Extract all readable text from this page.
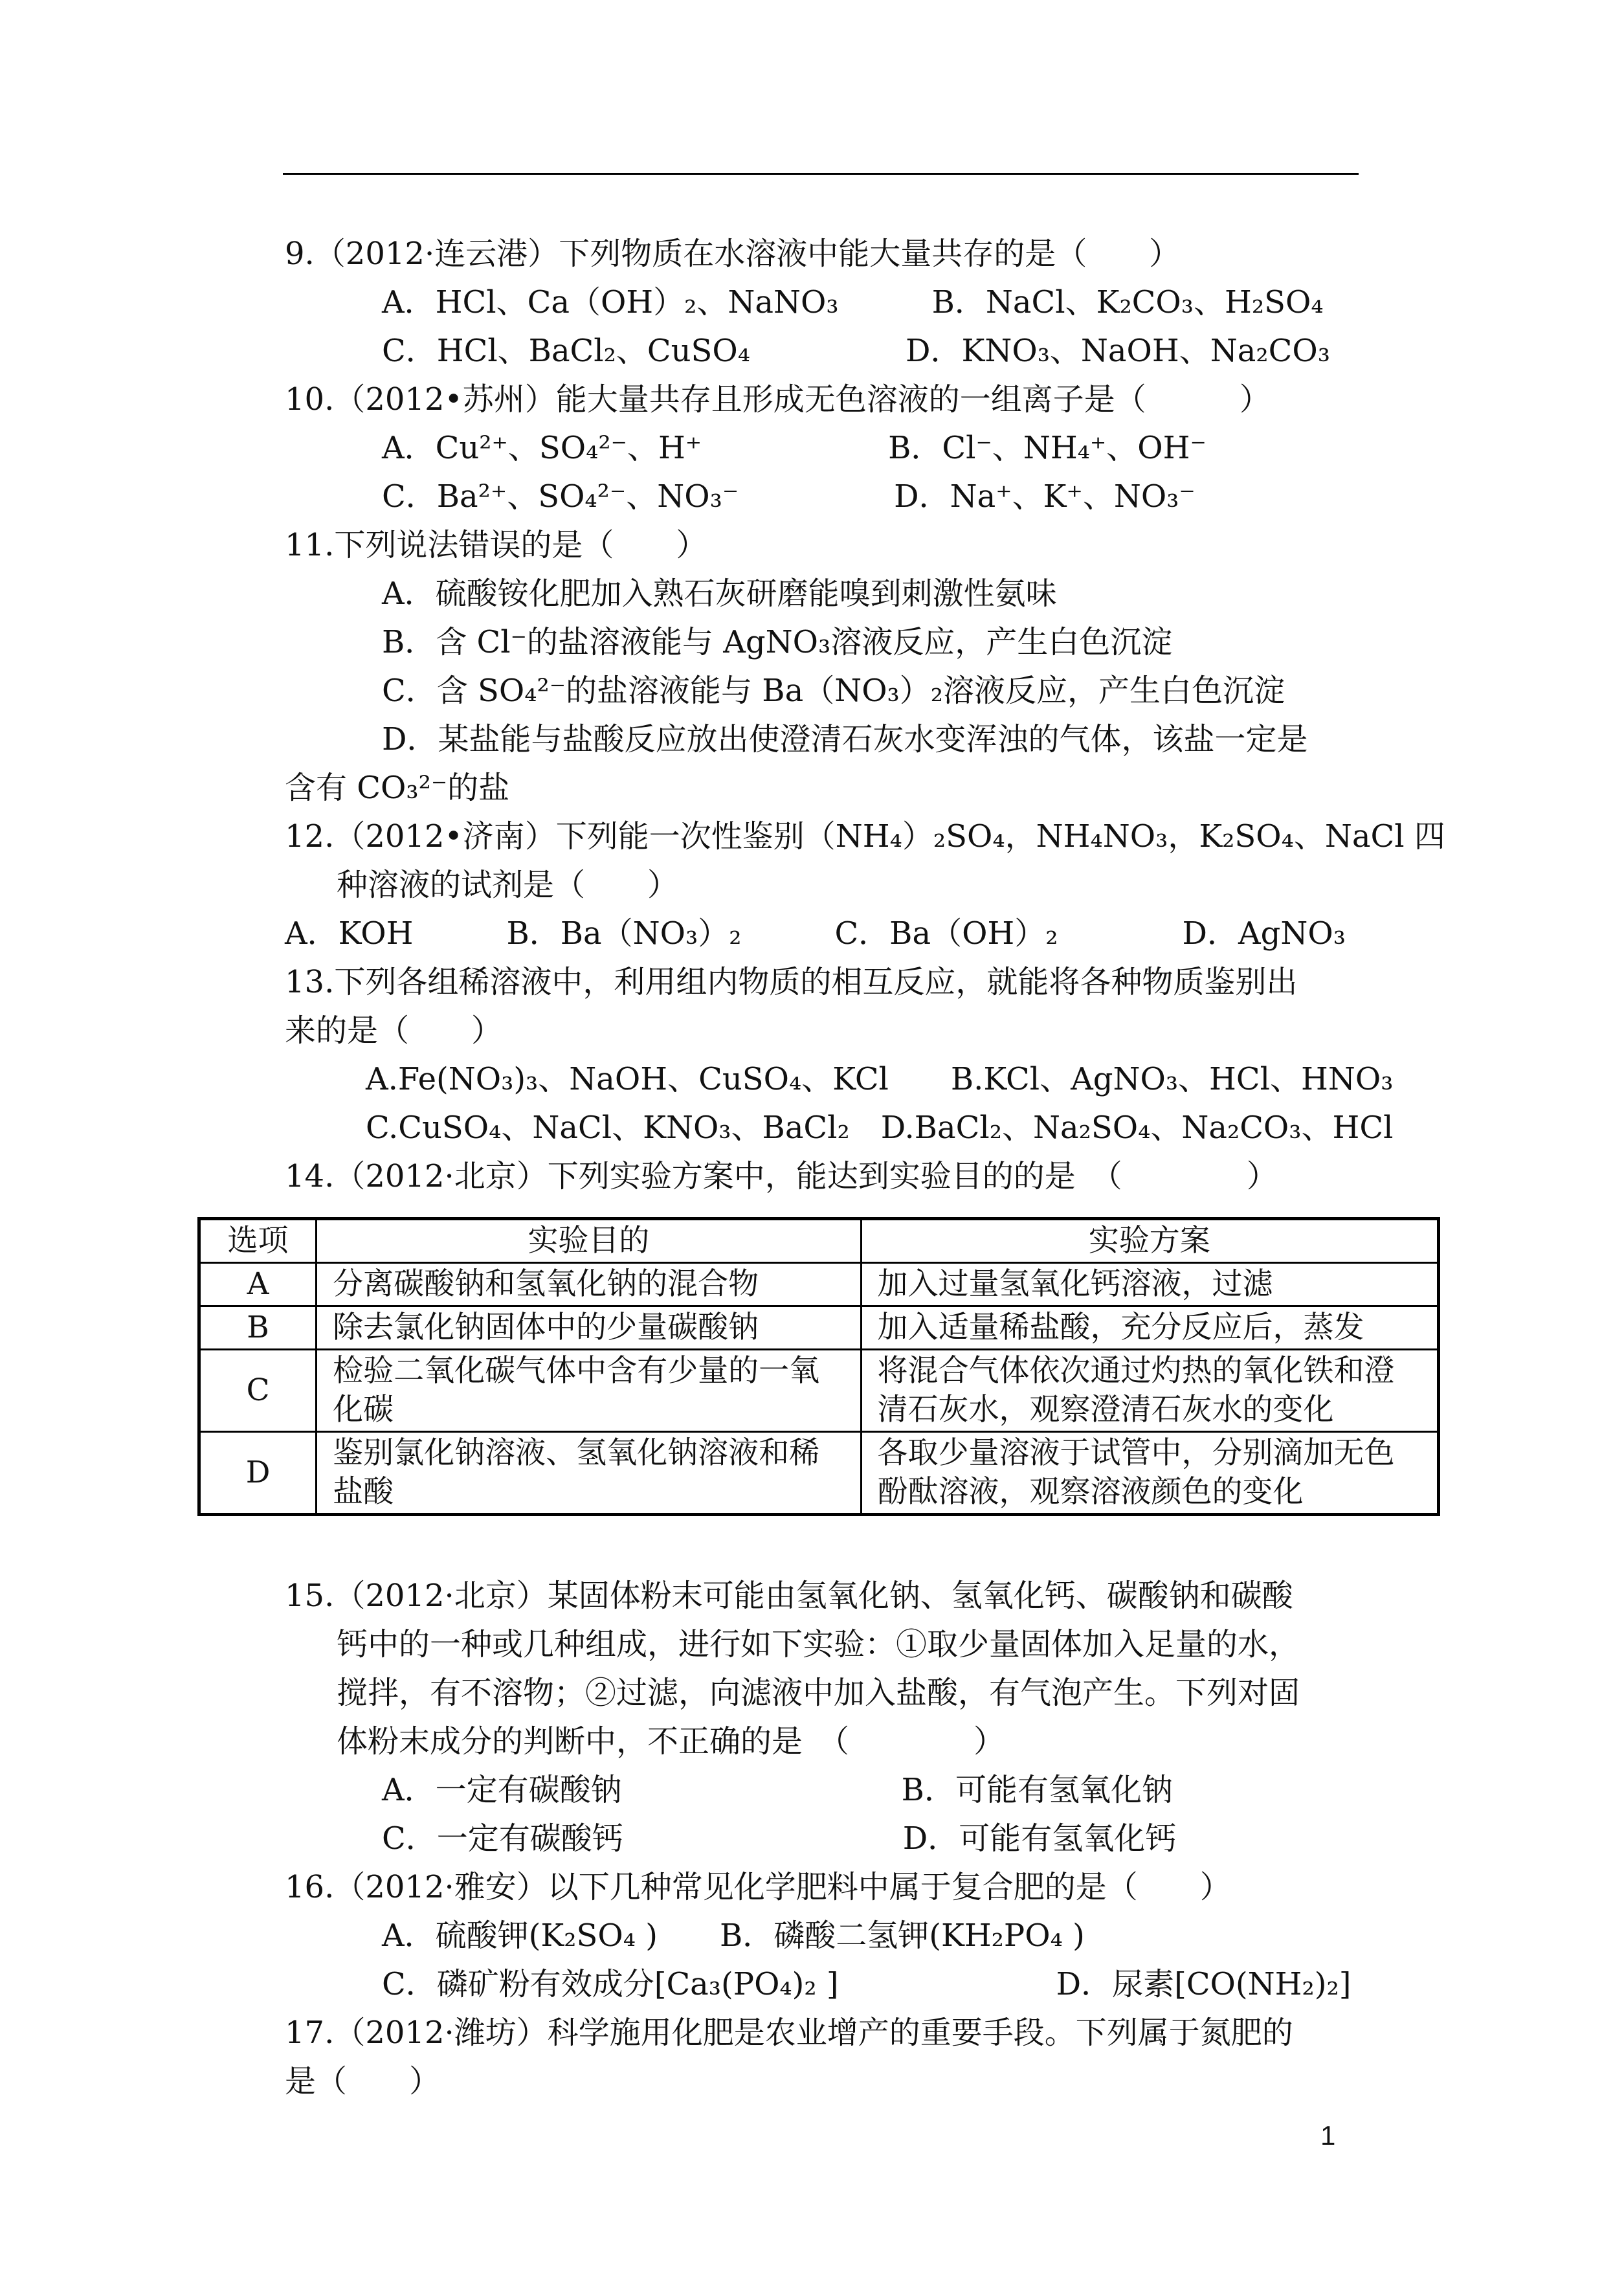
9.（2012·连云港）下列物质在水溶液中能大量共存的是（　　）
A．HCl、Ca（OH）₂、NaNO₃　　　B．NaCl、K₂CO₃、H₂SO₄
C．HCl、BaCl₂、CuSO₄　　　　　D．KNO₃、NaOH、Na₂CO₃
10.（2012•苏州）能大量共存且形成无色溶液的一组离子是（　　　）
A．Cu²⁺、SO₄²⁻、H⁺　　　　　　B．Cl⁻、NH₄⁺、OH⁻
C．Ba²⁺、SO₄²⁻、NO₃⁻　　　　　D．Na⁺、K⁺、NO₃⁻
11.下列说法错误的是（　　）
A．硫酸铵化肥加入熟石灰研磨能嗅到刺激性氨味
B．含 Cl⁻的盐溶液能与 AgNO₃溶液反应，产生白色沉淀
C．含 SO₄²⁻的盐溶液能与 Ba（NO₃）₂溶液反应，产生白色沉淀
D．某盐能与盐酸反应放出使澄清石灰水变浑浊的气体，该盐一定是
含有 CO₃²⁻的盐
12.（2012•济南）下列能一次性鉴别（NH₄）₂SO₄，NH₄NO₃，K₂SO₄、NaCl 四
种溶液的试剂是（　　）
A．KOH　　　B．Ba（NO₃）₂　　　C．Ba（OH）₂　　　　D．AgNO₃
13.下列各组稀溶液中，利用组内物质的相互反应，就能将各种物质鉴别出
来的是（　　）
A.Fe(NO₃)₃、NaOH、CuSO₄、KCl　　B.KCl、AgNO₃、HCl、HNO₃
C.CuSO₄、NaCl、KNO₃、BaCl₂　D.BaCl₂、Na₂SO₄、Na₂CO₃、HCl
14.（2012·北京）下列实验方案中，能达到实验目的的是　（　　　　）
选项	实验目的	实验方案
A	分离碳酸钠和氢氧化钠的混合物	加入过量氢氧化钙溶液，过滤
B	除去氯化钠固体中的少量碳酸钠	加入适量稀盐酸，充分反应后，蒸发
C	检验二氧化碳气体中含有少量的一氧化碳	将混合气体依次通过灼热的氧化铁和澄清石灰水，观察澄清石灰水的变化
D	鉴别氯化钠溶液、氢氧化钠溶液和稀盐酸	各取少量溶液于试管中，分别滴加无色酚酞溶液，观察溶液颜色的变化
15.（2012·北京）某固体粉末可能由氢氧化钠、氢氧化钙、碳酸钠和碳酸
钙中的一种或几种组成，进行如下实验：①取少量固体加入足量的水，
搅拌，有不溶物；②过滤，向滤液中加入盐酸，有气泡产生。下列对固
体粉末成分的判断中，不正确的是　（　　　　）
A．一定有碳酸钠　　　　　　　　　B．可能有氢氧化钠
C．一定有碳酸钙　　　　　　　　　D．可能有氢氧化钙
16.（2012·雅安）以下几种常见化学肥料中属于复合肥的是（　　）
A．硫酸钾(K₂SO₄ )　　B．磷酸二氢钾(KH₂PO₄ )
C．磷矿粉有效成分[Ca₃(PO₄)₂ ]　　　　　　　D．尿素[CO(NH₂)₂]
17.（2012·潍坊）科学施用化肥是农业增产的重要手段。下列属于氮肥的
是（　　）
1
